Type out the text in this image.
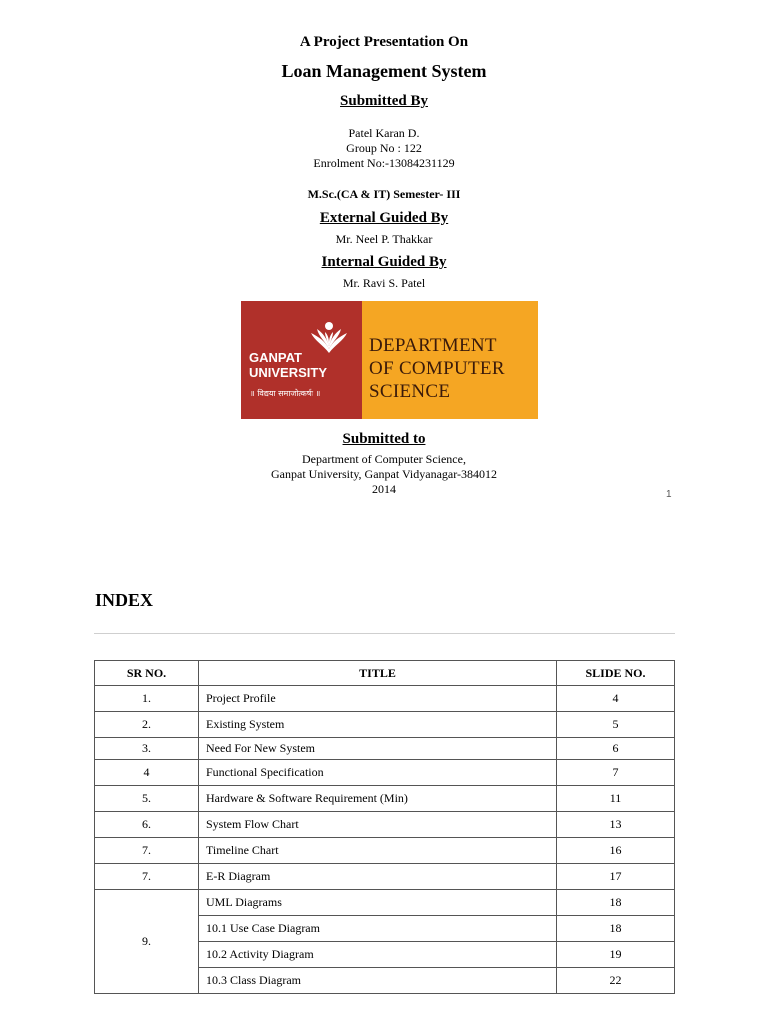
A Project Presentation On
Loan Management System
Submitted By
Patel Karan D.
Group No : 122
Enrolment No:-13084231129
M.Sc.(CA & IT) Semester- III
External Guided By
Mr. Neel P. Thakkar
Internal Guided By
Mr. Ravi S. Patel
GANPAT
UNIVERSITY
॥ विद्यया समाजोत्कर्षः ॥
DEPARTMENT
OF COMPUTER
SCIENCE
Submitted to
Department of Computer Science,
Ganpat University, Ganpat Vidyanagar-384012
2014	1
INDEX
SR NO.	TITLE	SLIDE NO.
1.	Project Profile	4
2.	Existing System	5
3.	Need For New System	6
4	Functional Specification	7
5.	Hardware & Software Requirement (Min)	11
6.	System Flow Chart	13
7.	Timeline Chart	16
7.	E-R Diagram	17
9.	UML Diagrams	18
	10.1 Use Case Diagram	18
	10.2 Activity Diagram	19
	10.3 Class Diagram	22
